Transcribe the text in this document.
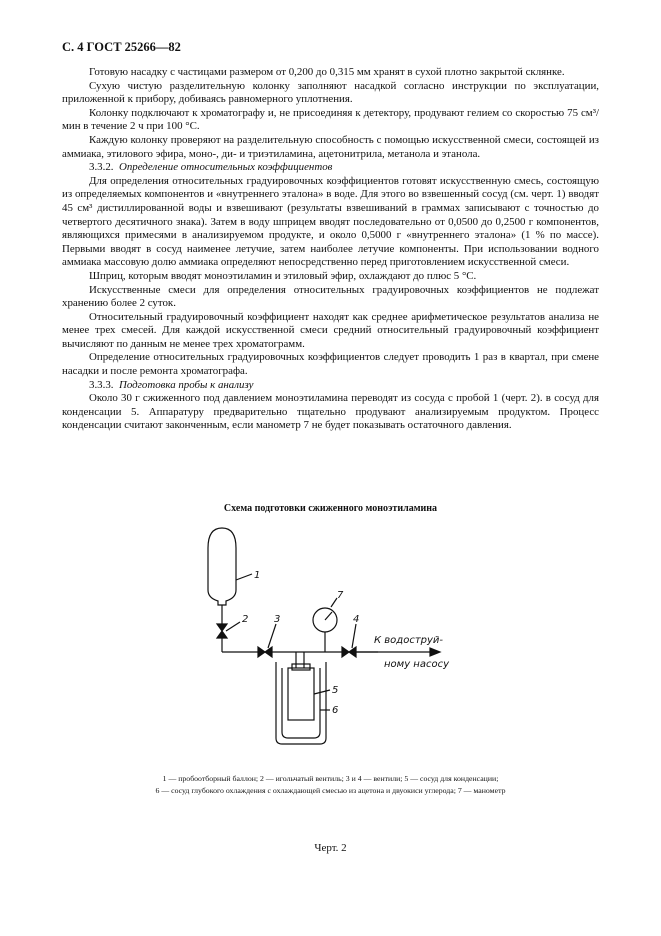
С. 4 ГОСТ 25266—82

Готовую насадку с частицами размером от 0,200 до 0,315 мм хранят в сухой плотно закрытой склянке.

Сухую чистую разделительную колонку заполняют насадкой согласно инструкции по эксплуатации, приложенной к прибору, добиваясь равномерного уплотнения.

Колонку подключают к хроматографу и, не присоединяя к детектору, продувают гелием со скоростью 75 см³/мин в течение 2 ч при 100 °С.

Каждую колонку проверяют на разделительную способность с помощью искусственной смеси, состоящей из аммиака, этилового эфира, моно-, ди- и триэтиламина, ацетонитрила, метанола и этанола.

3.3.2. Определение относительных коэффициентов

Для определения относительных градуировочных коэффициентов готовят искусственную смесь, состоящую из определяемых компонентов и «внутреннего эталона» в воде. Для этого во взвешенный сосуд (см. черт. 1) вводят 45 см³ дистиллированной воды и взвешивают (результаты взвешиваний в граммах записывают с точностью до четвертого десятичного знака). Затем в воду шприцем вводят последовательно от 0,0500 до 0,2500 г компонентов, являющихся примесями в анализируемом продукте, и около 0,5000 г «внутреннего эталона» (1 % по массе). Первыми вводят в сосуд наименее летучие, затем наиболее летучие компоненты. При использовании водного аммиака массовую долю аммиака определяют непосредственно перед приготовлением искусственной смеси.

Шприц, которым вводят моноэтиламин и этиловый эфир, охлаждают до плюс 5 °С.

Искусственные смеси для определения относительных градуировочных коэффициентов не подлежат хранению более 2 суток.

Относительный градуировочный коэффициент находят как среднее арифметическое результатов анализа не менее трех смесей. Для каждой искусственной смеси средний относительный градуировочный коэффициент вычисляют по данным не менее трех хроматограмм.

Определение относительных градуировочных коэффициентов следует проводить 1 раз в квартал, при смене насадки и после ремонта хроматографа.

3.3.3. Подготовка пробы к анализу

Около 30 г сжиженного под давлением моноэтиламина переводят из сосуда с пробой 1 (черт. 2). в сосуд для конденсации 5. Аппаратуру предварительно тщательно продувают анализируемым продуктом. Процесс конденсации считают законченным, если манометр 7 не будет показывать остаточного давления.

Схема подготовки сжиженного моноэтиламина
1
2	3	4
5
6
7
К водоструй-
ному насосу
1 — пробоотборный баллон; 2 — игольчатый вентиль; 3 и 4 — вентили; 5 — сосуд для конденсации;
6 — сосуд глубокого охлаждения с охлаждающей смесью из ацетона и двуокиси углерода; 7 — манометр
Черт. 2
